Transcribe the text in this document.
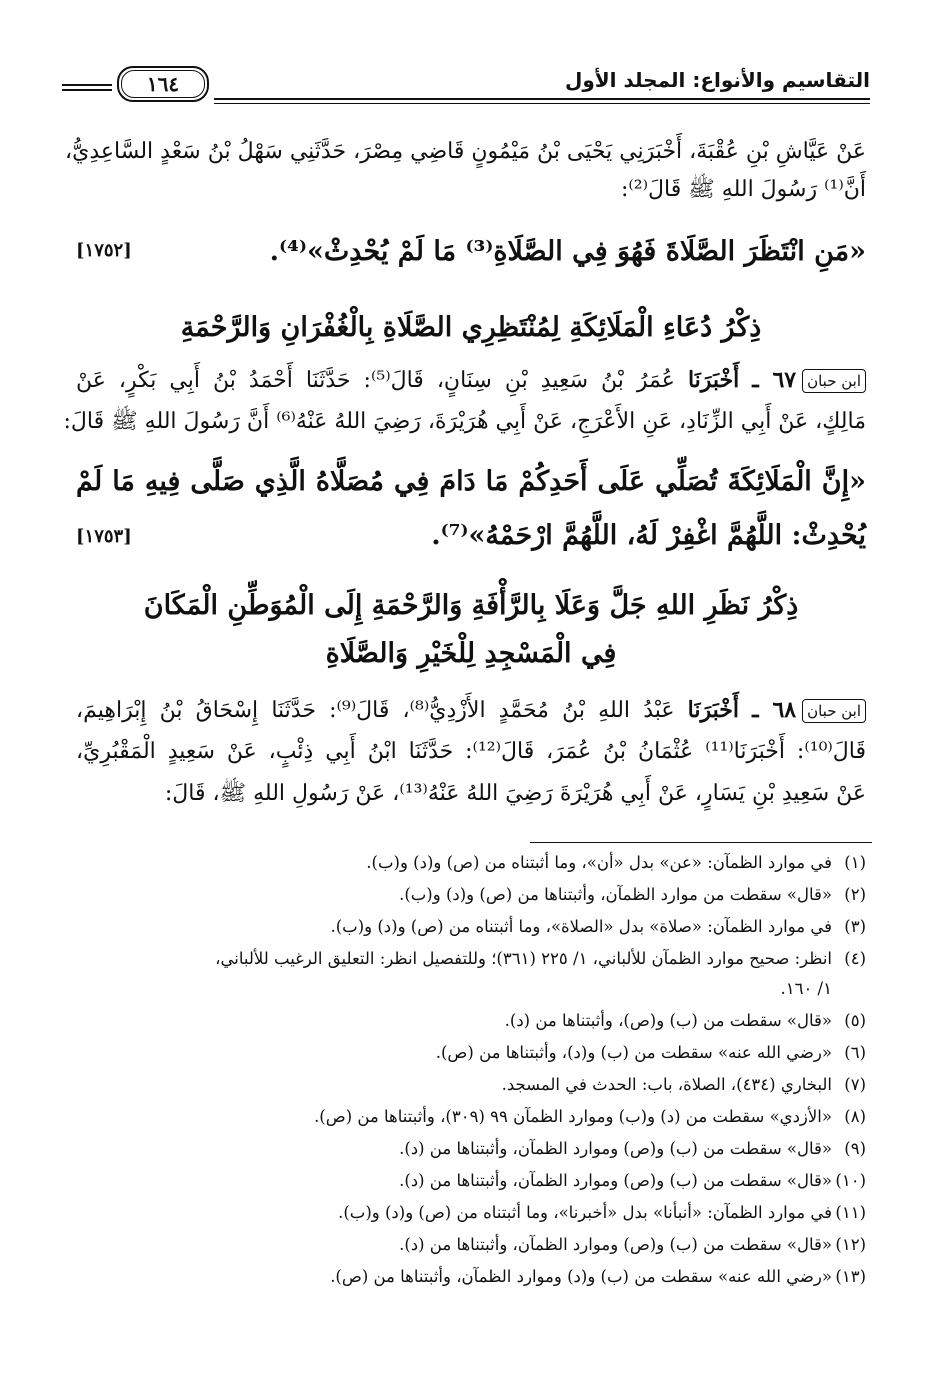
التقاسيم والأنواع: المجلد الأول
١٦٤
عَنْ عَيَّاشِ بْنِ عُقْبَةَ، أَخْبَرَنِي يَحْيَى بْنُ مَيْمُونٍ قَاضِي مِصْرَ، حَدَّثَنِي سَهْلُ بْنُ سَعْدٍ السَّاعِدِيُّ،
أَنَّ⁽¹⁾ رَسُولَ اللهِ ﷺ قَالَ⁽²⁾:
«مَنِ انْتَظَرَ الصَّلَاةَ فَهُوَ فِي الصَّلَاةِ⁽³⁾ مَا لَمْ يُحْدِثْ»⁽⁴⁾.
[١٧٥٢]
ذِكْرُ دُعَاءِ الْمَلَائِكَةِ لِمُنْتَظِرِي الصَّلَاةِ بِالْغُفْرَانِ وَالرَّحْمَةِ
ابن حبان٦٧ ـ أَخْبَرَنَا عُمَرُ بْنُ سَعِيدِ بْنِ سِنَانٍ، قَالَ⁽⁵⁾: حَدَّثَنَا أَحْمَدُ بْنُ أَبِي بَكْرٍ، عَنْ
مَالِكٍ، عَنْ أَبِي الزِّنَادِ، عَنِ الأَعْرَجِ، عَنْ أَبِي هُرَيْرَةَ، رَضِيَ اللهُ عَنْهُ⁽⁶⁾ أَنَّ رَسُولَ اللهِ ﷺ قَالَ:
«إِنَّ الْمَلَائِكَةَ تُصَلِّي عَلَى أَحَدِكُمْ مَا دَامَ فِي مُصَلَّاهُ الَّذِي صَلَّى فِيهِ مَا لَمْ
يُحْدِثْ: اللَّهُمَّ اغْفِرْ لَهُ، اللَّهُمَّ ارْحَمْهُ»⁽⁷⁾.
[١٧٥٣]
ذِكْرُ نَظَرِ اللهِ جَلَّ وَعَلَا بِالرَّأْفَةِ وَالرَّحْمَةِ إِلَى الْمُوَطِّنِ الْمَكَانَ
فِي الْمَسْجِدِ لِلْخَيْرِ وَالصَّلَاةِ
ابن حبان٦٨ ـ أَخْبَرَنَا عَبْدُ اللهِ بْنُ مُحَمَّدٍ الأَزْدِيُّ⁽⁸⁾، قَالَ⁽⁹⁾: حَدَّثَنَا إِسْحَاقُ بْنُ إِبْرَاهِيمَ،
قَالَ⁽¹⁰⁾: أَخْبَرَنَا⁽¹¹⁾ عُثْمَانُ بْنُ عُمَرَ، قَالَ⁽¹²⁾: حَدَّثَنَا ابْنُ أَبِي ذِئْبٍ، عَنْ سَعِيدٍ الْمَقْبُرِيِّ،
عَنْ سَعِيدِ بْنِ يَسَارٍ، عَنْ أَبِي هُرَيْرَةَ رَضِيَ اللهُ عَنْهُ⁽¹³⁾، عَنْ رَسُولِ اللهِ ﷺ، قَالَ:
(١)في موارد الظمآن: «عن» بدل «أن»، وما أثبتناه من (ص) و(د) و(ب).
(٢)«قال» سقطت من موارد الظمآن، وأثبتناها من (ص) و(د) و(ب).
(٣)في موارد الظمآن: «صلاة» بدل «الصلاة»، وما أثبتناه من (ص) و(د) و(ب).
(٤)انظر: صحيح موارد الظمآن للألباني، ١/ ٢٢٥ (٣٦١)؛ وللتفصيل انظر: التعليق الرغيب للألباني،
١/ ١٦٠.
(٥)«قال» سقطت من (ب) و(ص)، وأثبتناها من (د).
(٦)«رضي الله عنه» سقطت من (ب) و(د)، وأثبتناها من (ص).
(٧)البخاري (٤٣٤)، الصلاة، باب: الحدث في المسجد.
(٨)«الأزدي» سقطت من (د) و(ب) وموارد الظمآن ٩٩ (٣٠٩)، وأثبتناها من (ص).
(٩)«قال» سقطت من (ب) و(ص) وموارد الظمآن، وأثبتناها من (د).
(١٠)«قال» سقطت من (ب) و(ص) وموارد الظمآن، وأثبتناها من (د).
(١١)في موارد الظمآن: «أنبأنا» بدل «أخبرنا»، وما أثبتناه من (ص) و(د) و(ب).
(١٢)«قال» سقطت من (ب) و(ص) وموارد الظمآن، وأثبتناها من (د).
(١٣)«رضي الله عنه» سقطت من (ب) و(د) وموارد الظمآن، وأثبتناها من (ص).
